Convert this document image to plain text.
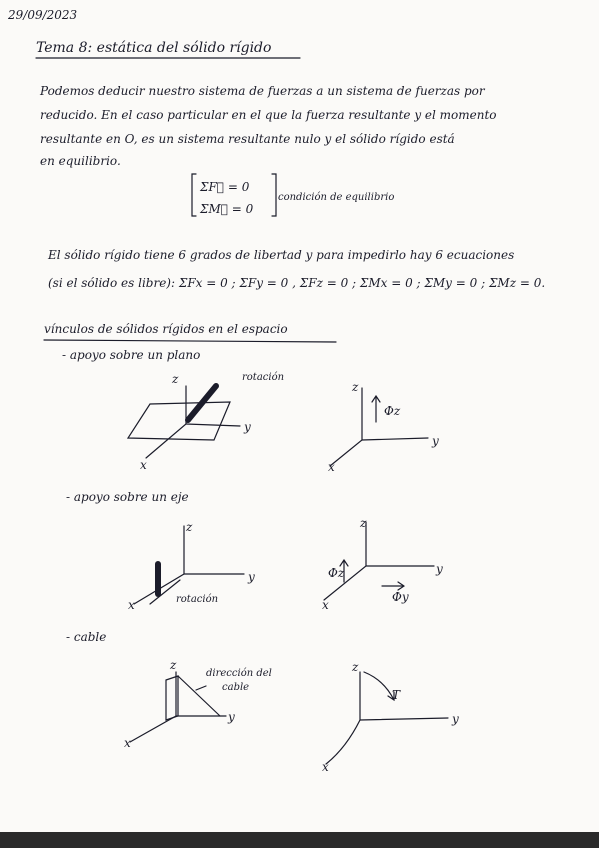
29/09/2023
Tema 8: estática del sólido rígido
Podemos deducir nuestro sistema de fuerzas a un sistema de fuerzas por
reducido. En el caso particular en el que la fuerza resultante y el momento
resultante en O, es un sistema resultante nulo y el sólido rígido está
en equilibrio.
ΣF⃗ = 0
ΣM⃗ = 0
condición de equilibrio
El sólido rígido tiene 6 grados de libertad y para impedirlo hay 6 ecuaciones
(si el sólido es libre): ΣFx = 0 ; ΣFy = 0 , ΣFz = 0 ; ΣMx = 0 ; ΣMy = 0 ; ΣMz = 0.
vínculos de sólidos rígidos en el espacio
- apoyo sobre un plano
- apoyo sobre un eje
- cable
z
y
x
rotación
z
y
x
Φz
z
y
x	rotación
z
y
x
Φz
Φy
z
y
x
dirección del
cable
z
y
x
T
